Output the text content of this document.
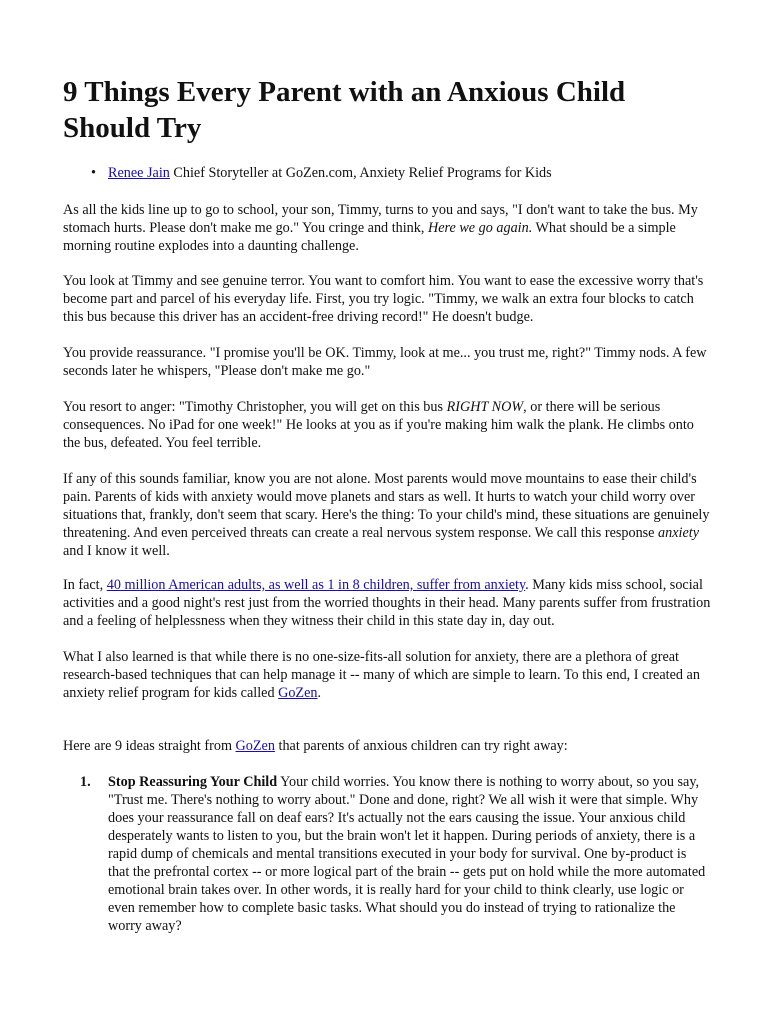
9 Things Every Parent with an Anxious Child Should Try
• Renee Jain Chief Storyteller at GoZen.com, Anxiety Relief Programs for Kids

As all the kids line up to go to school, your son, Timmy, turns to you and says, "I don't want to take the bus. My stomach hurts. Please don't make me go." You cringe and think, Here we go again. What should be a simple morning routine explodes into a daunting challenge.

You look at Timmy and see genuine terror. You want to comfort him. You want to ease the excessive worry that's become part and parcel of his everyday life. First, you try logic. "Timmy, we walk an extra four blocks to catch this bus because this driver has an accident-free driving record!" He doesn't budge.

You provide reassurance. "I promise you'll be OK. Timmy, look at me... you trust me, right?" Timmy nods. A few seconds later he whispers, "Please don't make me go."

You resort to anger: "Timothy Christopher, you will get on this bus RIGHT NOW, or there will be serious consequences. No iPad for one week!" He looks at you as if you're making him walk the plank. He climbs onto the bus, defeated. You feel terrible.

If any of this sounds familiar, know you are not alone. Most parents would move mountains to ease their child's pain. Parents of kids with anxiety would move planets and stars as well. It hurts to watch your child worry over situations that, frankly, don't seem that scary. Here's the thing: To your child's mind, these situations are genuinely threatening. And even perceived threats can create a real nervous system response. We call this response anxiety and I know it well.

In fact, 40 million American adults, as well as 1 in 8 children, suffer from anxiety. Many kids miss school, social activities and a good night's rest just from the worried thoughts in their head. Many parents suffer from frustration and a feeling of helplessness when they witness their child in this state day in, day out.

What I also learned is that while there is no one-size-fits-all solution for anxiety, there are a plethora of great research-based techniques that can help manage it -- many of which are simple to learn. To this end, I created an anxiety relief program for kids called GoZen.

Here are 9 ideas straight from GoZen that parents of anxious children can try right away:

1. Stop Reassuring Your Child Your child worries. You know there is nothing to worry about, so you say, "Trust me. There's nothing to worry about." Done and done, right? We all wish it were that simple. Why does your reassurance fall on deaf ears? It's actually not the ears causing the issue. Your anxious child desperately wants to listen to you, but the brain won't let it happen. During periods of anxiety, there is a rapid dump of chemicals and mental transitions executed in your body for survival. One by-product is that the prefrontal cortex -- or more logical part of the brain -- gets put on hold while the more automated emotional brain takes over. In other words, it is really hard for your child to think clearly, use logic or even remember how to complete basic tasks. What should you do instead of trying to rationalize the worry away?
